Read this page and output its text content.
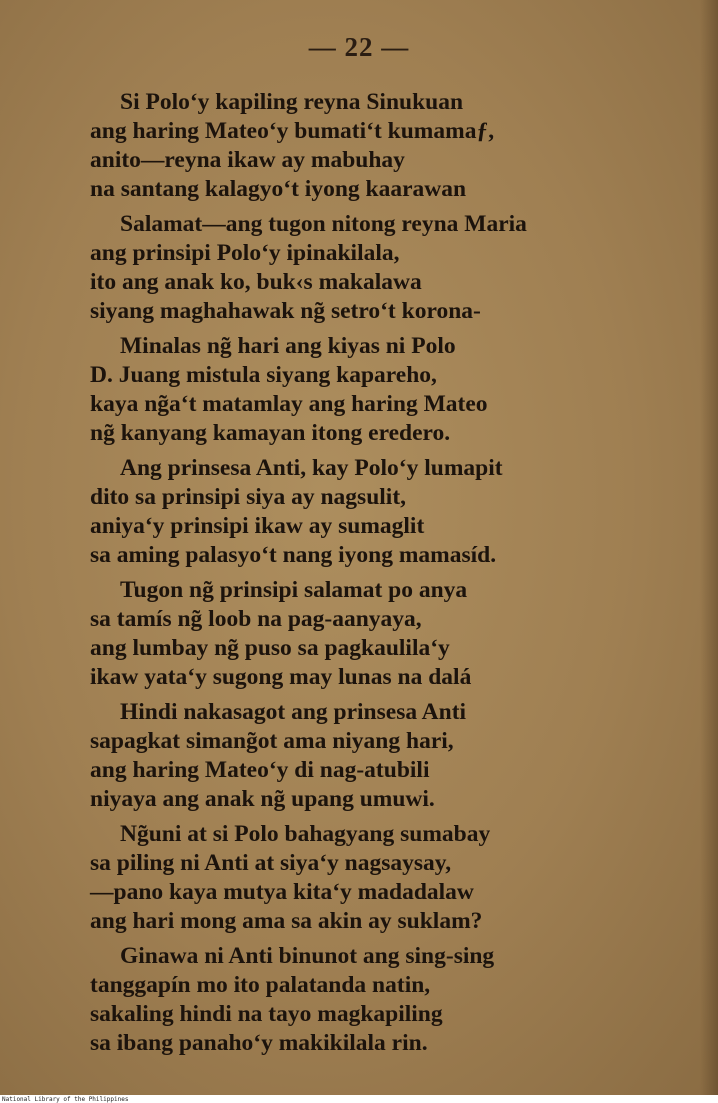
— 22 —
Si Polo‘y kapiling reyna Sinukuan
ang haring Mateo‘y bumati‘t kumamaƒ,
anito—reyna ikaw ay mabuhay
na santang kalagyo‘t iyong kaarawan
Salamat—ang tugon nitong reyna Maria
ang prinsipi Polo‘y ipinakilala,
ito ang anak ko, buk‹s makalawa
siyang maghahawak ng̃ setro‘t korona-
Minalas ng̃ hari ang kiyas ni Polo
D. Juang mistula siyang kapareho,
kaya ng̃a‘t matamlay ang haring Mateo
ng̃ kanyang kamayan itong eredero.
Ang prinsesa Anti, kay Polo‘y lumapit
dito sa prinsipi siya ay nagsulit,
aniya‘y prinsipi ikaw ay sumaglit
sa aming palasyo‘t nang iyong mamasíd.
Tugon ng̃ prinsipi salamat po anya
sa tamís ng̃ loob na pag-aanyaya,
ang lumbay ng̃ puso sa pagkaulila‘y
ikaw yata‘y sugong may lunas na dalá
Hindi nakasagot ang prinsesa Anti
sapagkat simang̃ot ama niyang hari,
ang haring Mateo‘y di nag-atubili
niyaya ang anak ng̃ upang umuwi.
Ng̃uni at si Polo bahagyang sumabay
sa piling ni Anti at siya‘y nagsaysay,
—pano kaya mutya kita‘y madadalaw
ang hari mong ama sa akin ay suklam?
Ginawa ni Anti binunot ang sing-sing
tanggapín mo ito palatanda natin,
sakaling hindi na tayo magkapiling
sa ibang panaho‘y makikilala rin.
National Library of the Philippines
